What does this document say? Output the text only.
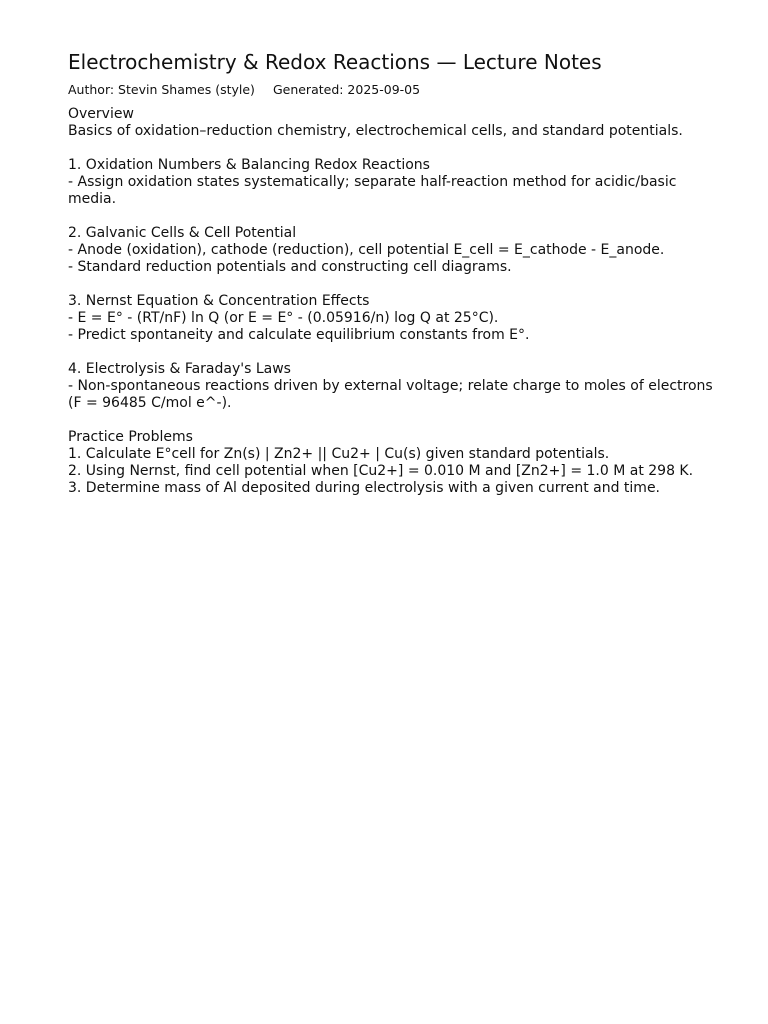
Electrochemistry & Redox Reactions — Lecture Notes
Author: Stevin Shames (style) Generated: 2025-09-05
Overview
Basics of oxidation–reduction chemistry, electrochemical cells, and standard potentials.
1. Oxidation Numbers & Balancing Redox Reactions
- Assign oxidation states systematically; separate half-reaction method for acidic/basic media.
2. Galvanic Cells & Cell Potential
- Anode (oxidation), cathode (reduction), cell potential E_cell = E_cathode - E_anode.
- Standard reduction potentials and constructing cell diagrams.
3. Nernst Equation & Concentration Effects
- E = E° - (RT/nF) ln Q (or E = E° - (0.05916/n) log Q at 25°C).
- Predict spontaneity and calculate equilibrium constants from E°.
4. Electrolysis & Faraday's Laws
- Non-spontaneous reactions driven by external voltage; relate charge to moles of electrons (F = 96485 C/mol e^-).
Practice Problems
1. Calculate E°cell for Zn(s) | Zn2+ || Cu2+ | Cu(s) given standard potentials.
2. Using Nernst, find cell potential when [Cu2+] = 0.010 M and [Zn2+] = 1.0 M at 298 K.
3. Determine mass of Al deposited during electrolysis with a given current and time.
